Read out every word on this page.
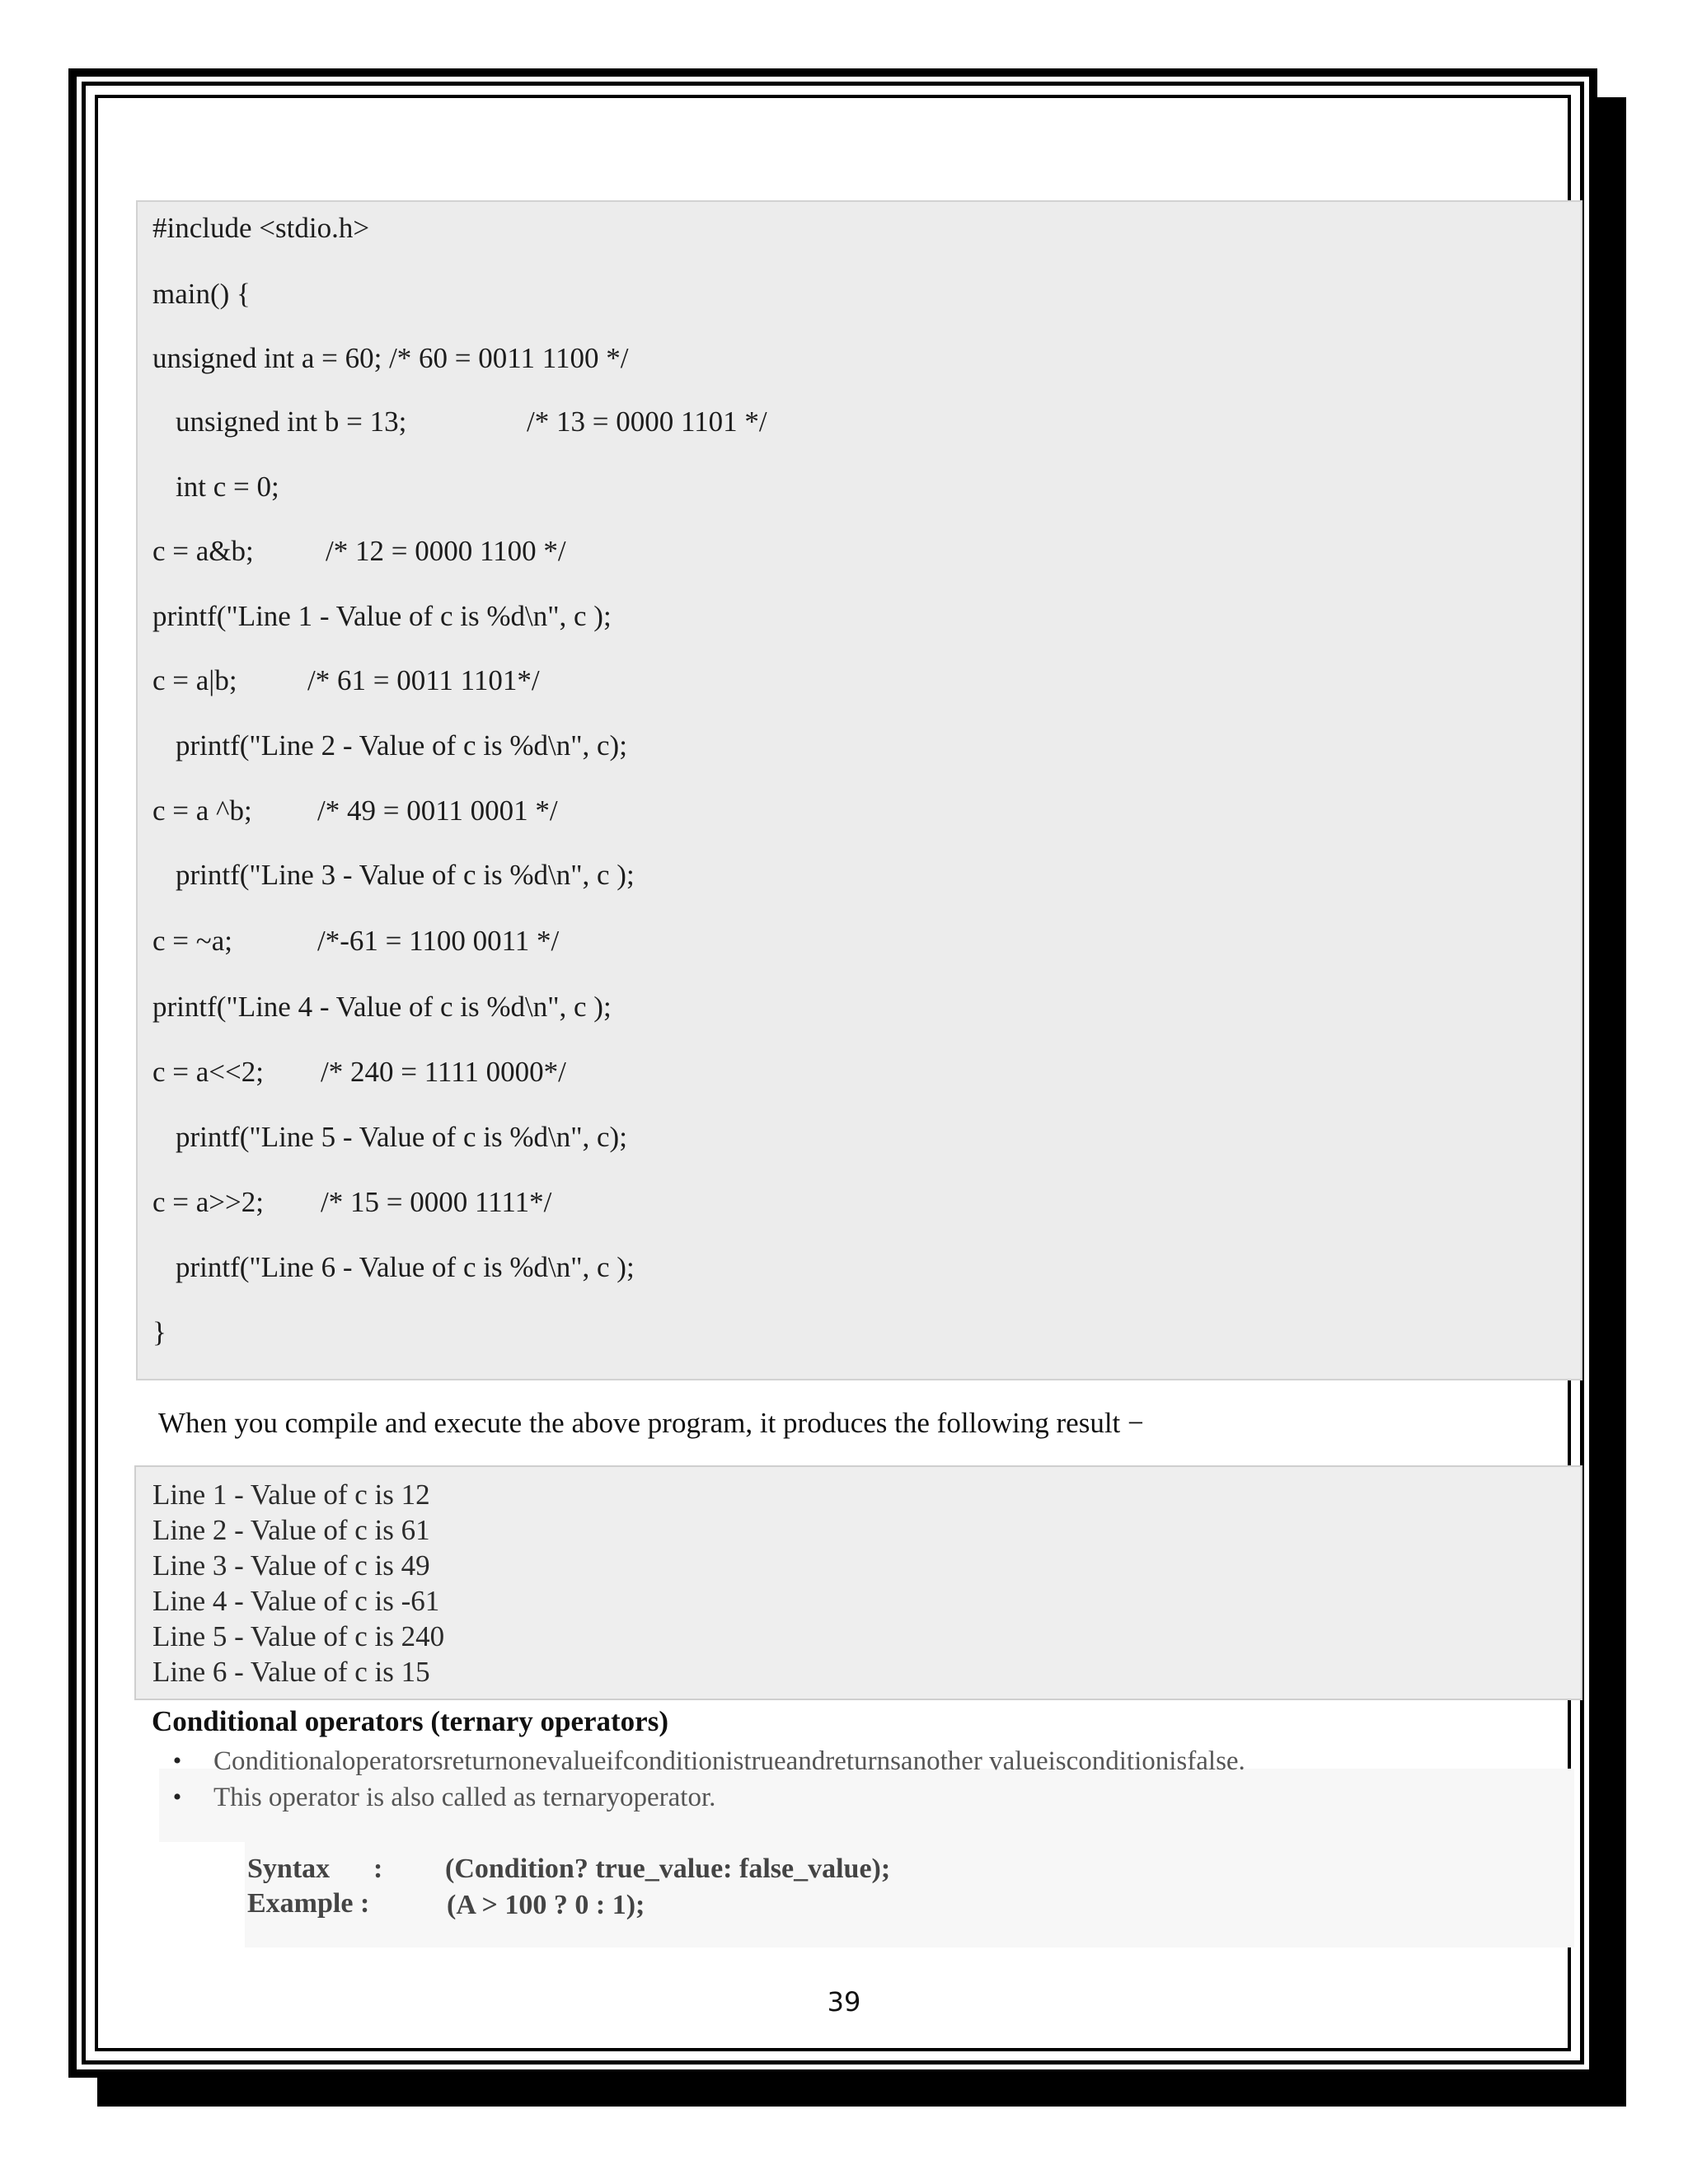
#include <stdio.h>
main() {
unsigned int a = 60; /* 60 = 0011 1100 */
unsigned int b = 13;	/* 13 = 0000 1101 */
int c = 0;
c = a&b; /* 12 = 0000 1100 */
printf("Line 1 - Value of c is %d\n", c );
c = a|b; /* 61 = 0011 1101*/
printf("Line 2 - Value of c is %d\n", c);
c = a ^b; /* 49 = 0011 0001 */
printf("Line 3 - Value of c is %d\n", c );
c = ~a;	/*-61 = 1100 0011 */
printf("Line 4 - Value of c is %d\n", c );
c = a<<2; /* 240 = 1111 0000*/
printf("Line 5 - Value of c is %d\n", c);
c = a>>2; /* 15 = 0000 1111*/
printf("Line 6 - Value of c is %d\n", c );
}
When you compile and execute the above program, it produces the following result −
Line 1 - Value of c is 12
Line 2 - Value of c is 61
Line 3 - Value of c is 49
Line 4 - Value of c is -61
Line 5 - Value of c is 240
Line 6 - Value of c is 15
Conditional operators (ternary operators)
• Conditionaloperatorsreturnonevalueifconditionistrueandreturnsanother valueisconditionisfalse.
• This operator is also called as ternaryoperator.
Syntax : (Condition? true_value: false_value);
Example :	(A > 100 ? 0 : 1);
39
